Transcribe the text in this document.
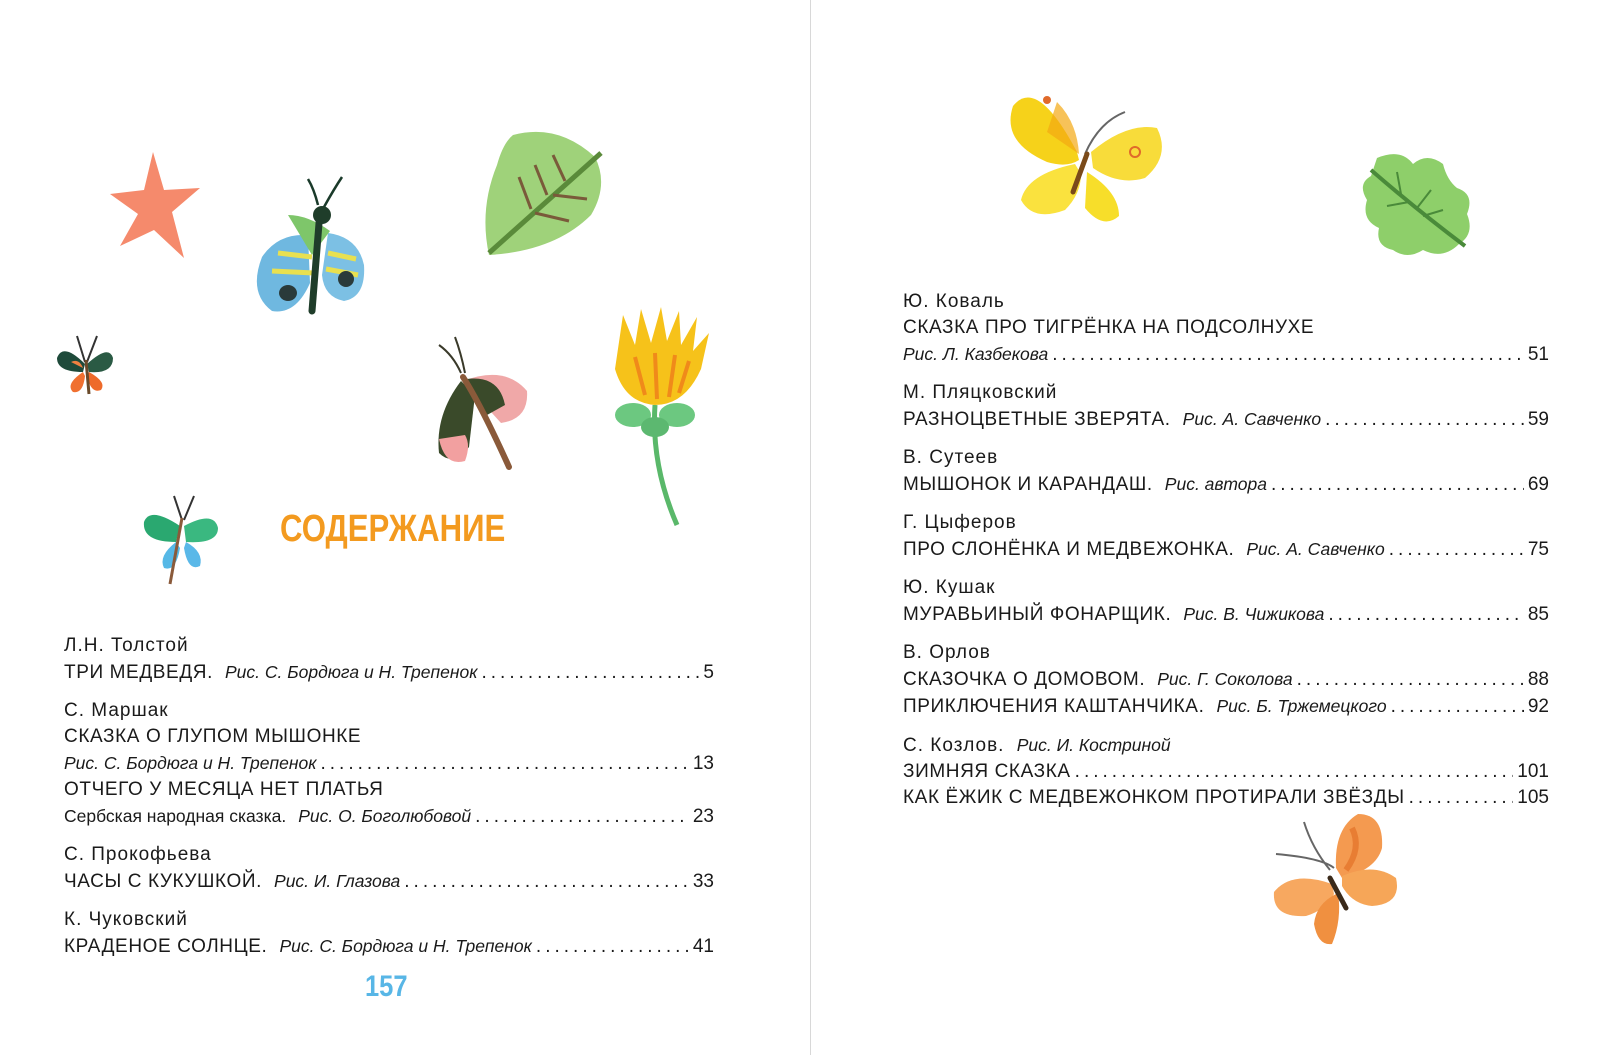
СОДЕРЖАНИЕ
Л.Н. Толстой
ТРИ МЕДВЕДЯ. Рис. С. Бордюга и Н. Трепенок .....	5
С. Маршак
СКАЗКА О ГЛУПОМ МЫШОНКЕ
Рис. С. Бордюга и Н. Трепенок .....	13
ОТЧЕГО У МЕСЯЦА НЕТ ПЛАТЬЯ
Сербская народная сказка. Рис. О. Боголюбовой .....	23
С. Прокофьева
ЧАСЫ С КУКУШКОЙ. Рис. И. Глазова .....	33
К. Чуковский
КРАДЕНОЕ СОЛНЦЕ. Рис. С. Бордюга и Н. Трепенок .....	41
157
Ю. Коваль
СКАЗКА ПРО ТИГРЁНКА НА ПОДСОЛНУХЕ
Рис. Л. Казбекова .....	51
М. Пляцковский
РАЗНОЦВЕТНЫЕ ЗВЕРЯТА. Рис. А. Савченко .....	59
В. Сутеев
МЫШОНОК И КАРАНДАШ. Рис. автора .....	69
Г. Цыферов
ПРО СЛОНЁНКА И МЕДВЕЖОНКА. Рис. А. Савченко .....	75
Ю. Кушак
МУРАВЬИНЫЙ ФОНАРЩИК. Рис. В. Чижикова .....	85
В. Орлов
СКАЗОЧКА О ДОМОВОМ. Рис. Г. Соколова .....	88
ПРИКЛЮЧЕНИЯ КАШТАНЧИКА. Рис. Б. Тржемецкого .....	92
С. Козлов. Рис. И. Костриной
ЗИМНЯЯ СКАЗКА .....	101
КАК ЁЖИК С МЕДВЕЖОНКОМ ПРОТИРАЛИ ЗВЁЗДЫ .....	105
